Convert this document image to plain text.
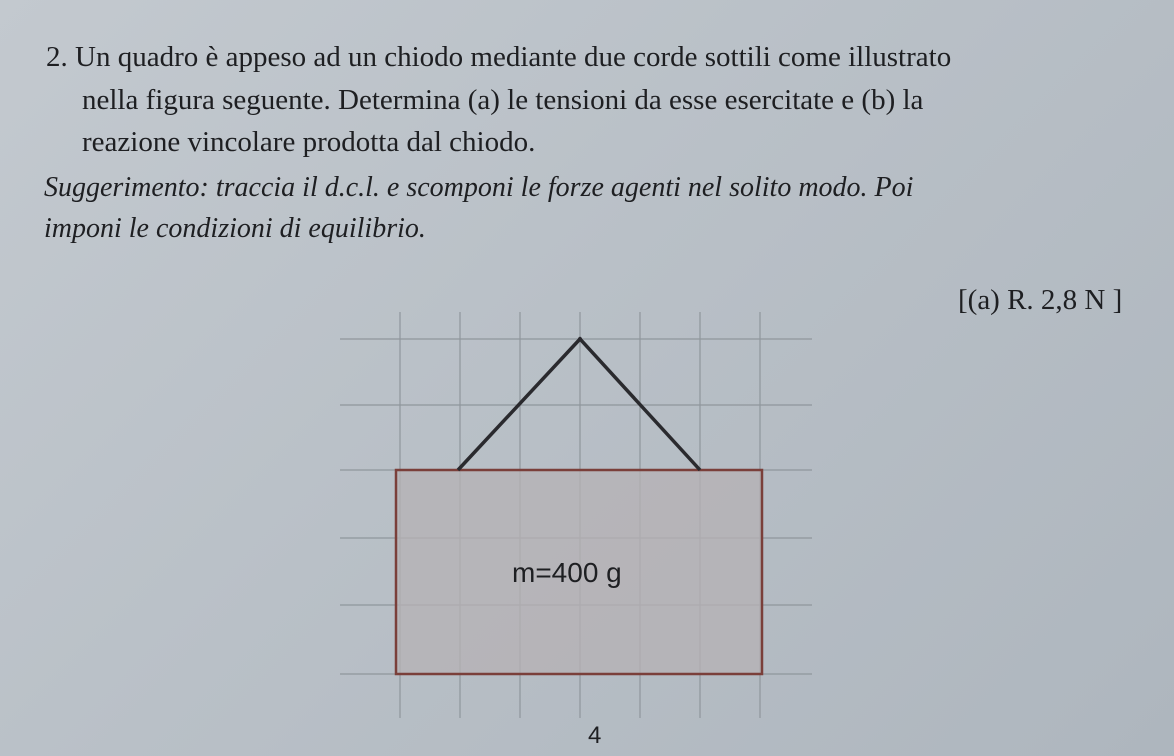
2. Un quadro è appeso ad un chiodo mediante due corde sottili come illustrato
nella figura seguente. Determina (a) le tensioni da esse esercitate e (b) la
reazione vincolare prodotta dal chiodo.
Suggerimento: traccia il d.c.l. e scomponi le forze agenti nel solito modo. Poi
imponi le condizioni di equilibrio.
[(a) R. 2,8 N ]
m=400 g
4
